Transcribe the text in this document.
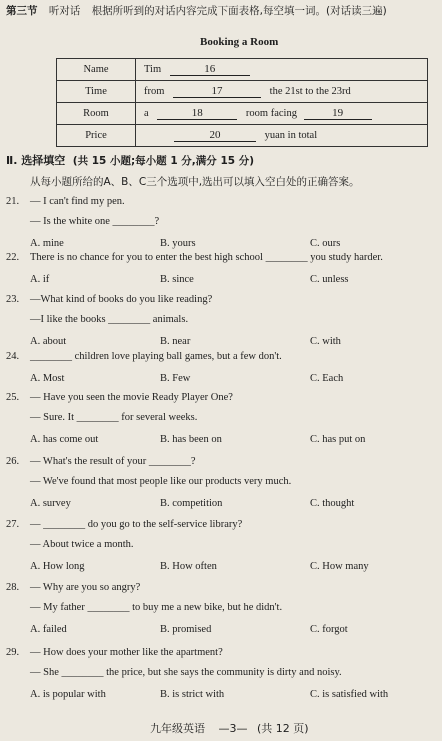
第三节 听对话 根据所听到的对话内容完成下面表格,每空填一词。(对话读三遍)
Booking a Room
Name	Tim 16
Time	from 17 the 21st to the 23rd
Room	a 18 room facing 19
Price	20 yuan in total
Ⅱ. 选择填空 (共 15 小题;每小题 1 分,满分 15 分)
从每小题所给的A、B、C三个选项中,选出可以填入空白处的正确答案。
21. — I can't find my pen.
— Is the white one ________?
A. mine	B. yours	C. ours
22. There is no chance for you to enter the best high school ________ you study harder.
A. if	B. since	C. unless
23. —What kind of books do you like reading?
—I like the books ________ animals.
A. about	B. near	C. with
24. ________ children love playing ball games, but a few don't.
A. Most	B. Few	C. Each
25. — Have you seen the movie Ready Player One?
— Sure. It ________ for several weeks.
A. has come out	B. has been on	C. has put on
26. — What's the result of your ________?
— We've found that most people like our products very much.
A. survey	B. competition	C. thought
27. — ________ do you go to the self-service library?
— About twice a month.
A. How long	B. How often	C. How many
28. — Why are you so angry?
— My father ________ to buy me a new bike, but he didn't.
A. failed	B. promised	C. forgot
29. — How does your mother like the apartment?
— She ________ the price, but she says the community is dirty and noisy.
A. is popular with	B. is strict with	C. is satisfied with
九年级英语 —3— (共 12 页)
